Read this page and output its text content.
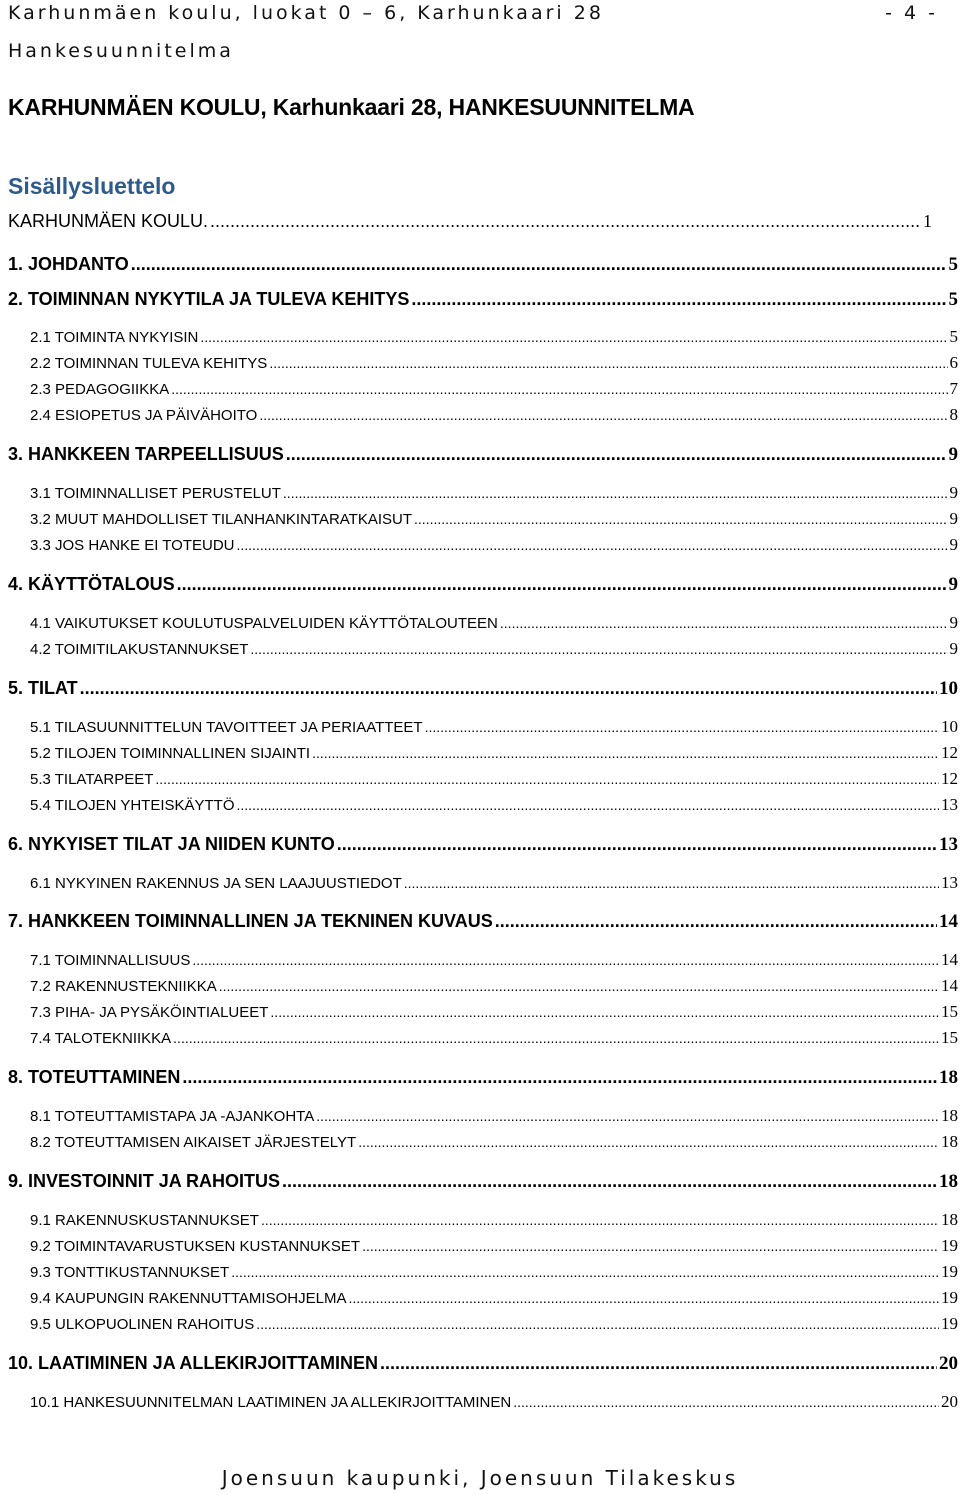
Karhunmäen koulu, luokat 0 – 6, Karhunkaari 28	- 4 -
Hankesuunnitelma
KARHUNMÄEN KOULU, Karhunkaari 28, HANKESUUNNITELMA
Sisällysluettelo
KARHUNMÄEN KOULU. .....	1
1. JOHDANTO .....	5
2. TOIMINNAN NYKYTILA JA TULEVA KEHITYS .....	5
2.1 TOIMINTA NYKYISIN .....	5
2.2 TOIMINNAN TULEVA KEHITYS .....	6
2.3 PEDAGOGIIKKA .....	7
2.4 ESIOPETUS JA PÄIVÄHOITO .....	8
3. HANKKEEN TARPEELLISUUS .....	9
3.1 TOIMINNALLISET PERUSTELUT .....	9
3.2 MUUT MAHDOLLISET TILANHANKINTARATKAISUT .....	9
3.3 JOS HANKE EI TOTEUDU .....	9
4. KÄYTTÖTALOUS .....	9
4.1 VAIKUTUKSET KOULUTUSPALVELUIDEN KÄYTTÖTALOUTEEN .....	9
4.2 TOIMITILAKUSTANNUKSET .....	9
5. TILAT .....	10
5.1 TILASUUNNITTELUN TAVOITTEET JA PERIAATTEET .....	10
5.2 TILOJEN TOIMINNALLINEN SIJAINTI .....	12
5.3 TILATARPEET .....	12
5.4 TILOJEN YHTEISKÄYTTÖ .....	13
6. NYKYISET TILAT JA NIIDEN KUNTO .....	13
6.1 NYKYINEN RAKENNUS JA SEN LAAJUUSTIEDOT .....	13
7. HANKKEEN TOIMINNALLINEN JA TEKNINEN KUVAUS .....	14
7.1 TOIMINNALLISUUS .....	14
7.2 RAKENNUSTEKNIIKKA .....	14
7.3 PIHA- JA PYSÄKÖINTIALUEET .....	15
7.4 TALOTEKNIIKKA .....	15
8. TOTEUTTAMINEN .....	18
8.1 TOTEUTTAMISTAPA JA -AJANKOHTA .....	18
8.2 TOTEUTTAMISEN AIKAISET JÄRJESTELYT .....	18
9. INVESTOINNIT JA RAHOITUS .....	18
9.1 RAKENNUSKUSTANNUKSET .....	18
9.2 TOIMINTAVARUSTUKSEN KUSTANNUKSET .....	19
9.3 TONTTIKUSTANNUKSET .....	19
9.4 KAUPUNGIN RAKENNUTTAMISOHJELMA .....	19
9.5 ULKOPUOLINEN RAHOITUS .....	19
10. LAATIMINEN JA ALLEKIRJOITTAMINEN .....	20
10.1 HANKESUUNNITELMAN LAATIMINEN JA ALLEKIRJOITTAMINEN .....	20
Joensuun kaupunki, Joensuun Tilakeskus
